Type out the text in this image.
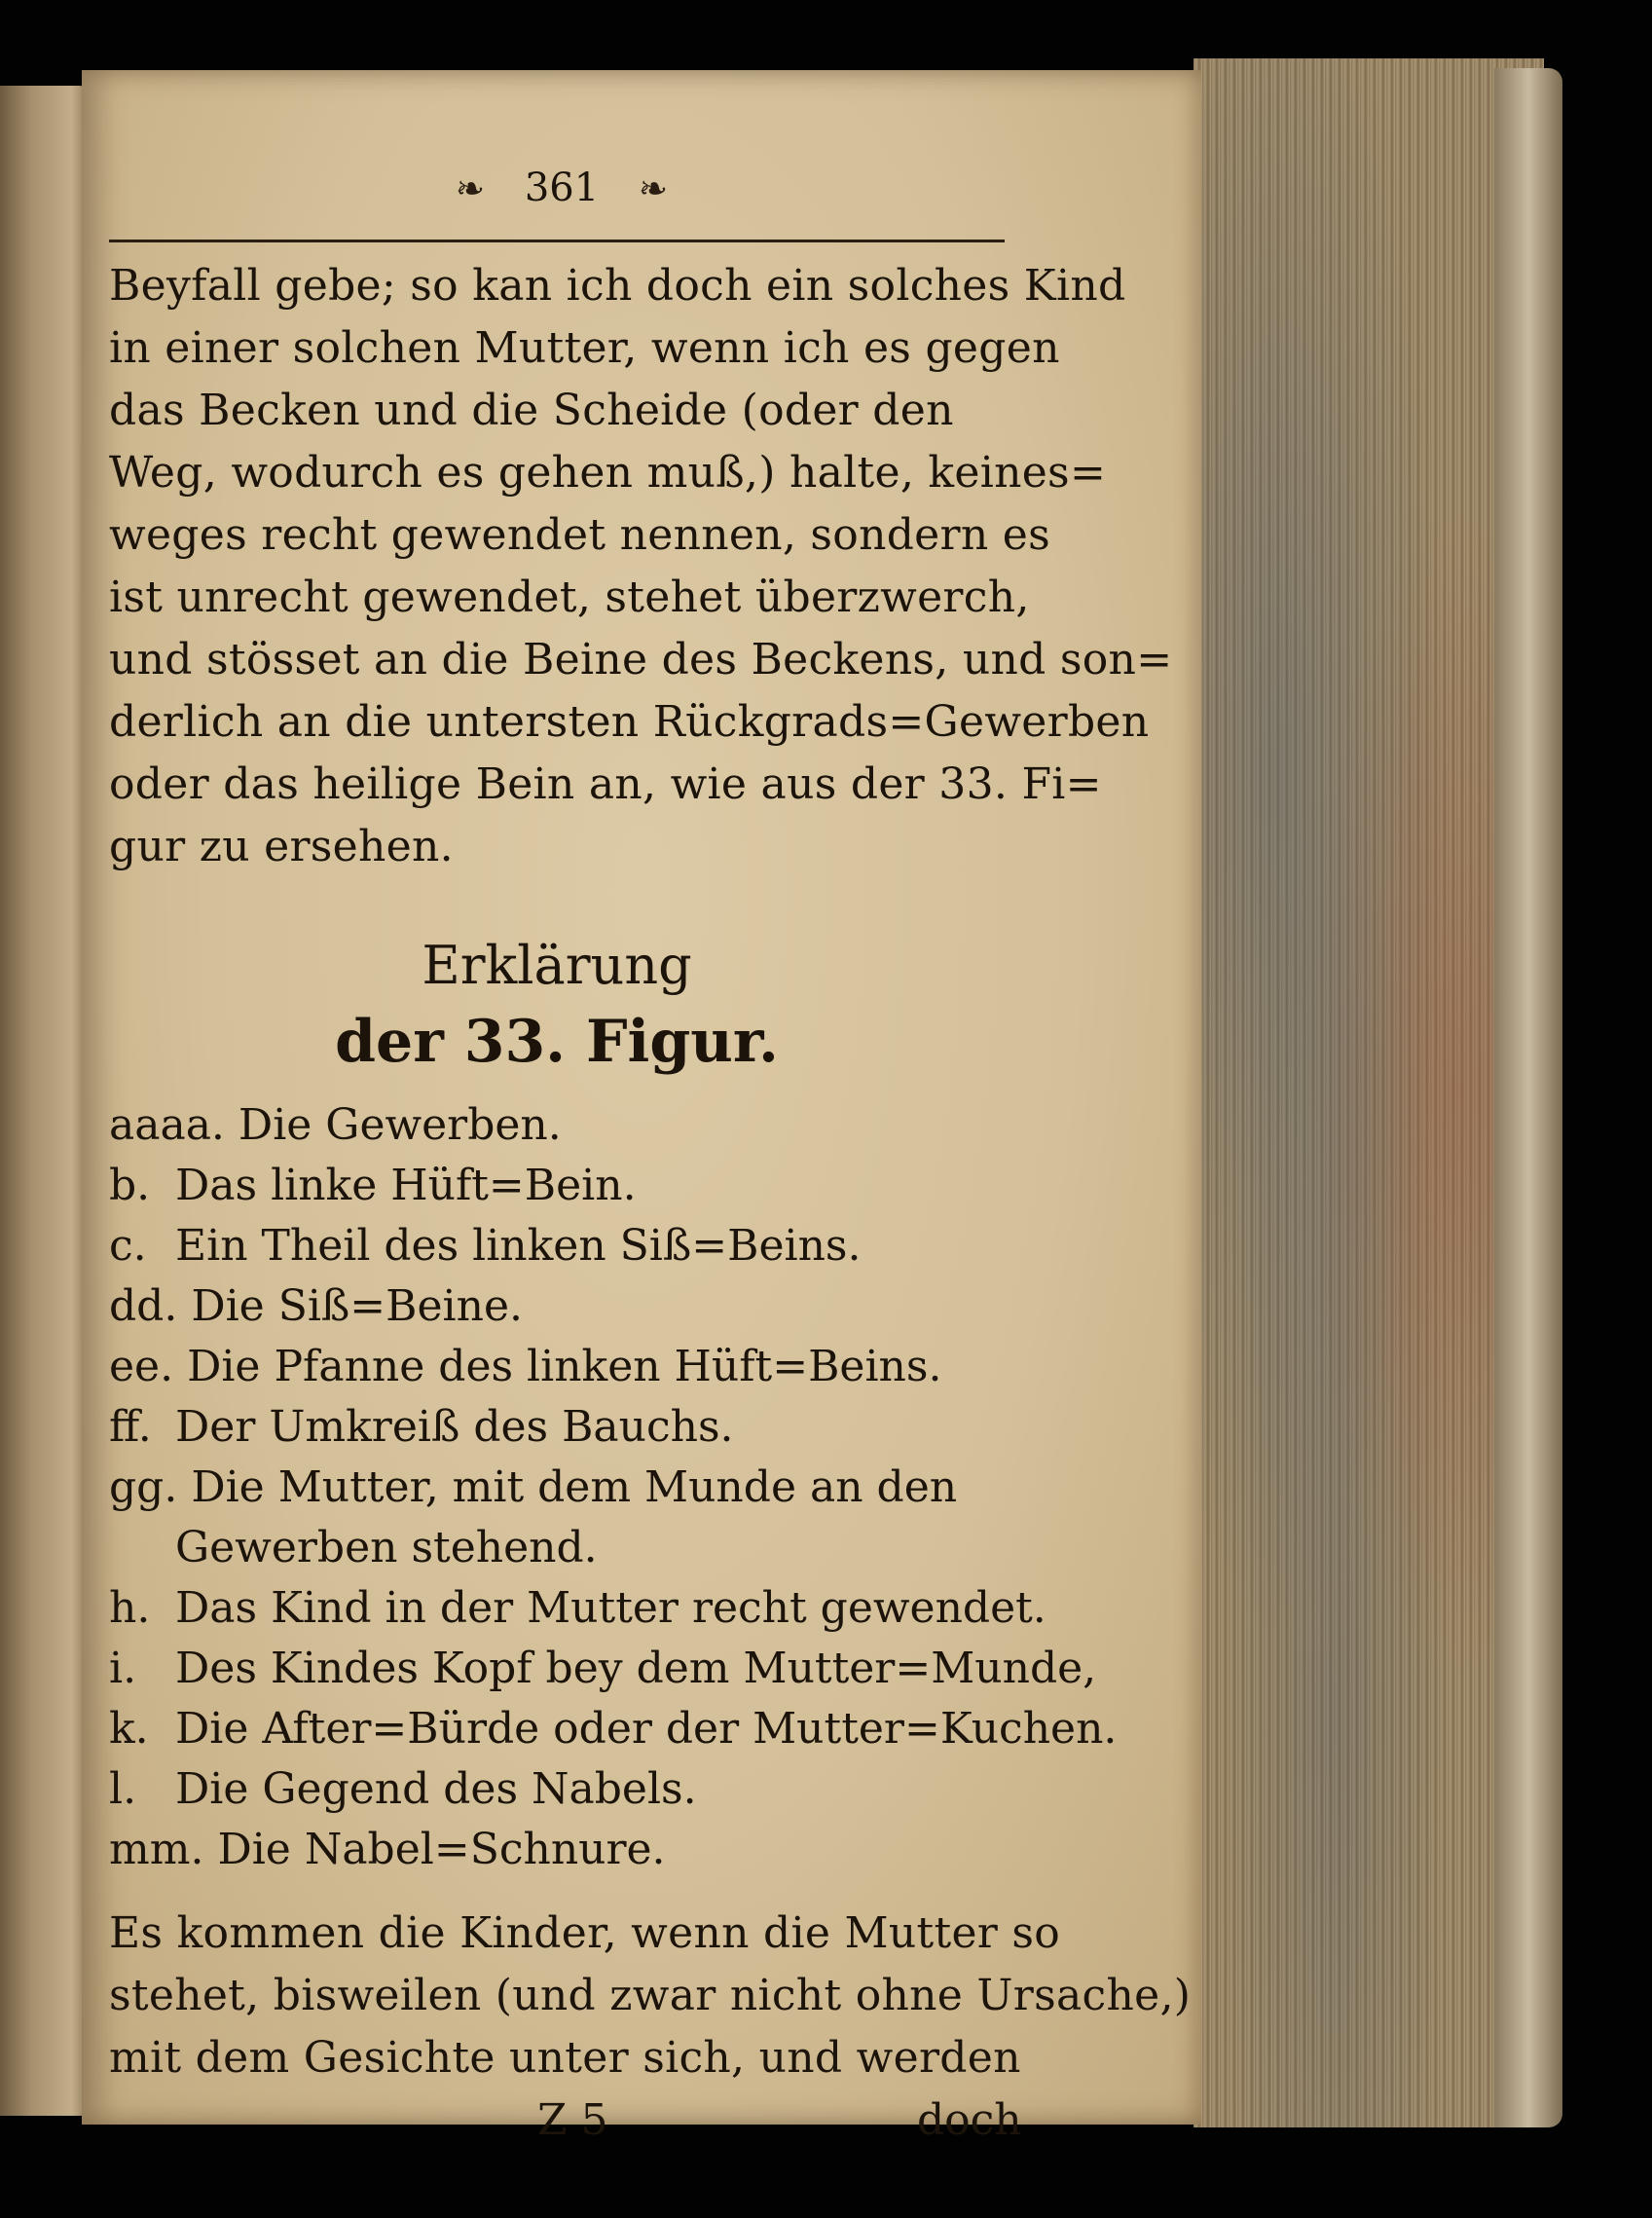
❧ 361 ❧
Beyfall gebe; so kan ich doch ein solches Kind
in einer solchen Mutter, wenn ich es gegen
das Becken und die Scheide (oder den
Weg, wodurch es gehen muß,) halte, keines=
weges recht gewendet nennen, sondern es
ist unrecht gewendet, stehet überzwerch,
und stösset an die Beine des Beckens, und son=
derlich an die untersten Rückgrads=Gewerben
oder das heilige Bein an, wie aus der 33. Fi=
gur zu ersehen.
Erklärung
der 33. Figur.
aaaa. Die Gewerben.
b. Das linke Hüft=Bein.
c. Ein Theil des linken Siß=Beins.
dd. Die Siß=Beine.
ee. Die Pfanne des linken Hüft=Beins.
ff. Der Umkreiß des Bauchs.
gg. Die Mutter, mit dem Munde an den
Gewerben stehend.
h. Das Kind in der Mutter recht gewendet.
i. Des Kindes Kopf bey dem Mutter=Munde,
k. Die After=Bürde oder der Mutter=Kuchen.
l. Die Gegend des Nabels.
mm. Die Nabel=Schnure.
Es kommen die Kinder, wenn die Mutter so
stehet, bisweilen (und zwar nicht ohne Ursache,)
mit dem Gesichte unter sich, und werden
Z 5	doch
